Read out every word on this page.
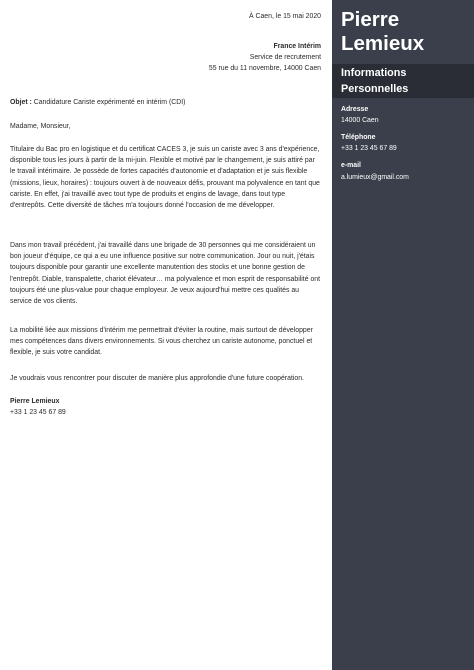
À Caen, le 15 mai 2020
France Intérim
Service de recrutement
55 rue du 11 novembre, 14000 Caen
Objet : Candidature Cariste expérimenté en intérim (CDI)
Madame, Monsieur,

Titulaire du Bac pro en logistique et du certificat CACES 3, je suis un cariste avec 3 ans d'expérience, disponible tous les jours à partir de la mi-juin. Flexible et motivé par le changement, je suis attiré par le travail intérimaire. Je possède de fortes capacités d'autonomie et d'adaptation et je suis flexible (missions, lieux, horaires) : toujours ouvert à de nouveaux défis, prouvant ma polyvalence en tant que cariste. En effet, j'ai travaillé avec tout type de produits et engins de lavage, dans tout type d'entrepôts. Cette diversité de tâches m'a toujours donné l'occasion de me développer.

Dans mon travail précédent, j'ai travaillé dans une brigade de 30 personnes qui me considéraient un bon joueur d'équipe, ce qui a eu une influence positive sur notre communication. Jour ou nuit, j'étais toujours disponible pour garantir une excellente manutention des stocks et une bonne gestion de l'entrepôt. Diable, transpalette, chariot élévateur… ma polyvalence et mon esprit de responsabilité ont toujours été une plus-value pour chaque employeur. Je veux aujourd'hui mettre ces qualités au service de vos clients.

La mobilité liée aux missions d'intérim me permettrait d'éviter la routine, mais surtout de développer mes compétences dans divers environnements. Si vous cherchez un cariste autonome, ponctuel et flexible, je suis votre candidat.

Je voudrais vous rencontrer pour discuter de manière plus approfondie d'une future coopération.

Pierre Lemieux
+33 1 23 45 67 89
Pierre
Lemieux
Informations Personnelles
Adresse
14000 Caen
Téléphone
+33 1 23 45 67 89
e-mail
a.lumieux@gmail.com
